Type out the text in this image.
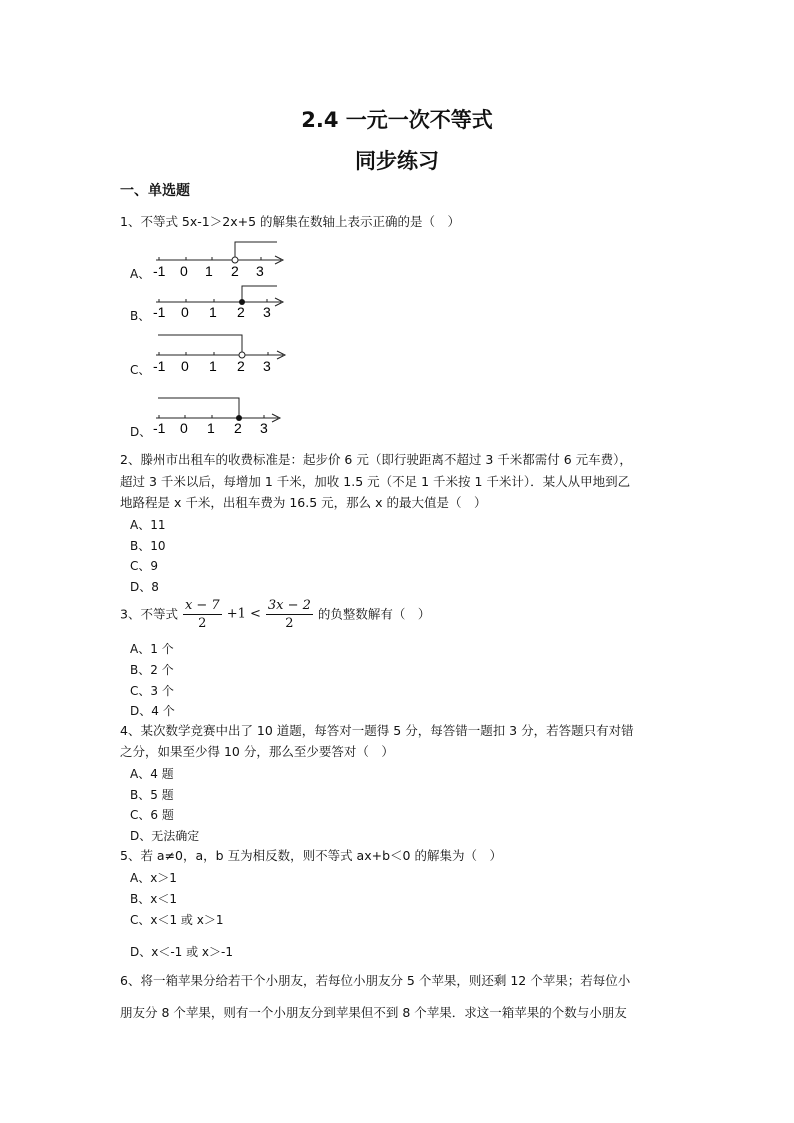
2.4 一元一次不等式
同步练习
一、单选题
1、不等式 5x-1＞2x+5 的解集在数轴上表示正确的是（　）
A、 -1 0 1 2 3
B、 -1 0 1 2 3
C、 -1 0 1 2 3
D、 -1 0 1 2 3
2、滕州市出租车的收费标准是：起步价 6 元（即行驶距离不超过 3 千米都需付 6 元车费），
超过 3 千米以后，每增加 1 千米，加收 1.5 元（不足 1 千米按 1 千米计）．某人从甲地到乙
地路程是 x 千米，出租车费为 16.5 元，那么 x 的最大值是（　）
A、11
B、10
C、9
D、8
3、不等式 $\frac{x - 7}{2} +1 < \frac{3x - 2}{2}$ 的负整数解有（　）
A、1 个
B、2 个
C、3 个
D、4 个
4、某次数学竞赛中出了 10 道题，每答对一题得 5 分，每答错一题扣 3 分，若答题只有对错
之分，如果至少得 10 分，那么至少要答对（　）
A、4 题
B、5 题
C、6 题
D、无法确定
5、若 a≠0，a，b 互为相反数，则不等式 ax+b＜0 的解集为（　）
A、x＞1
B、x＜1
C、x＜1 或 x＞1
D、x＜-1 或 x＞-1
6、将一箱苹果分给若干个小朋友，若每位小朋友分 5 个苹果，则还剩 12 个苹果；若每位小
朋友分 8 个苹果，则有一个小朋友分到苹果但不到 8 个苹果．求这一箱苹果的个数与小朋友
